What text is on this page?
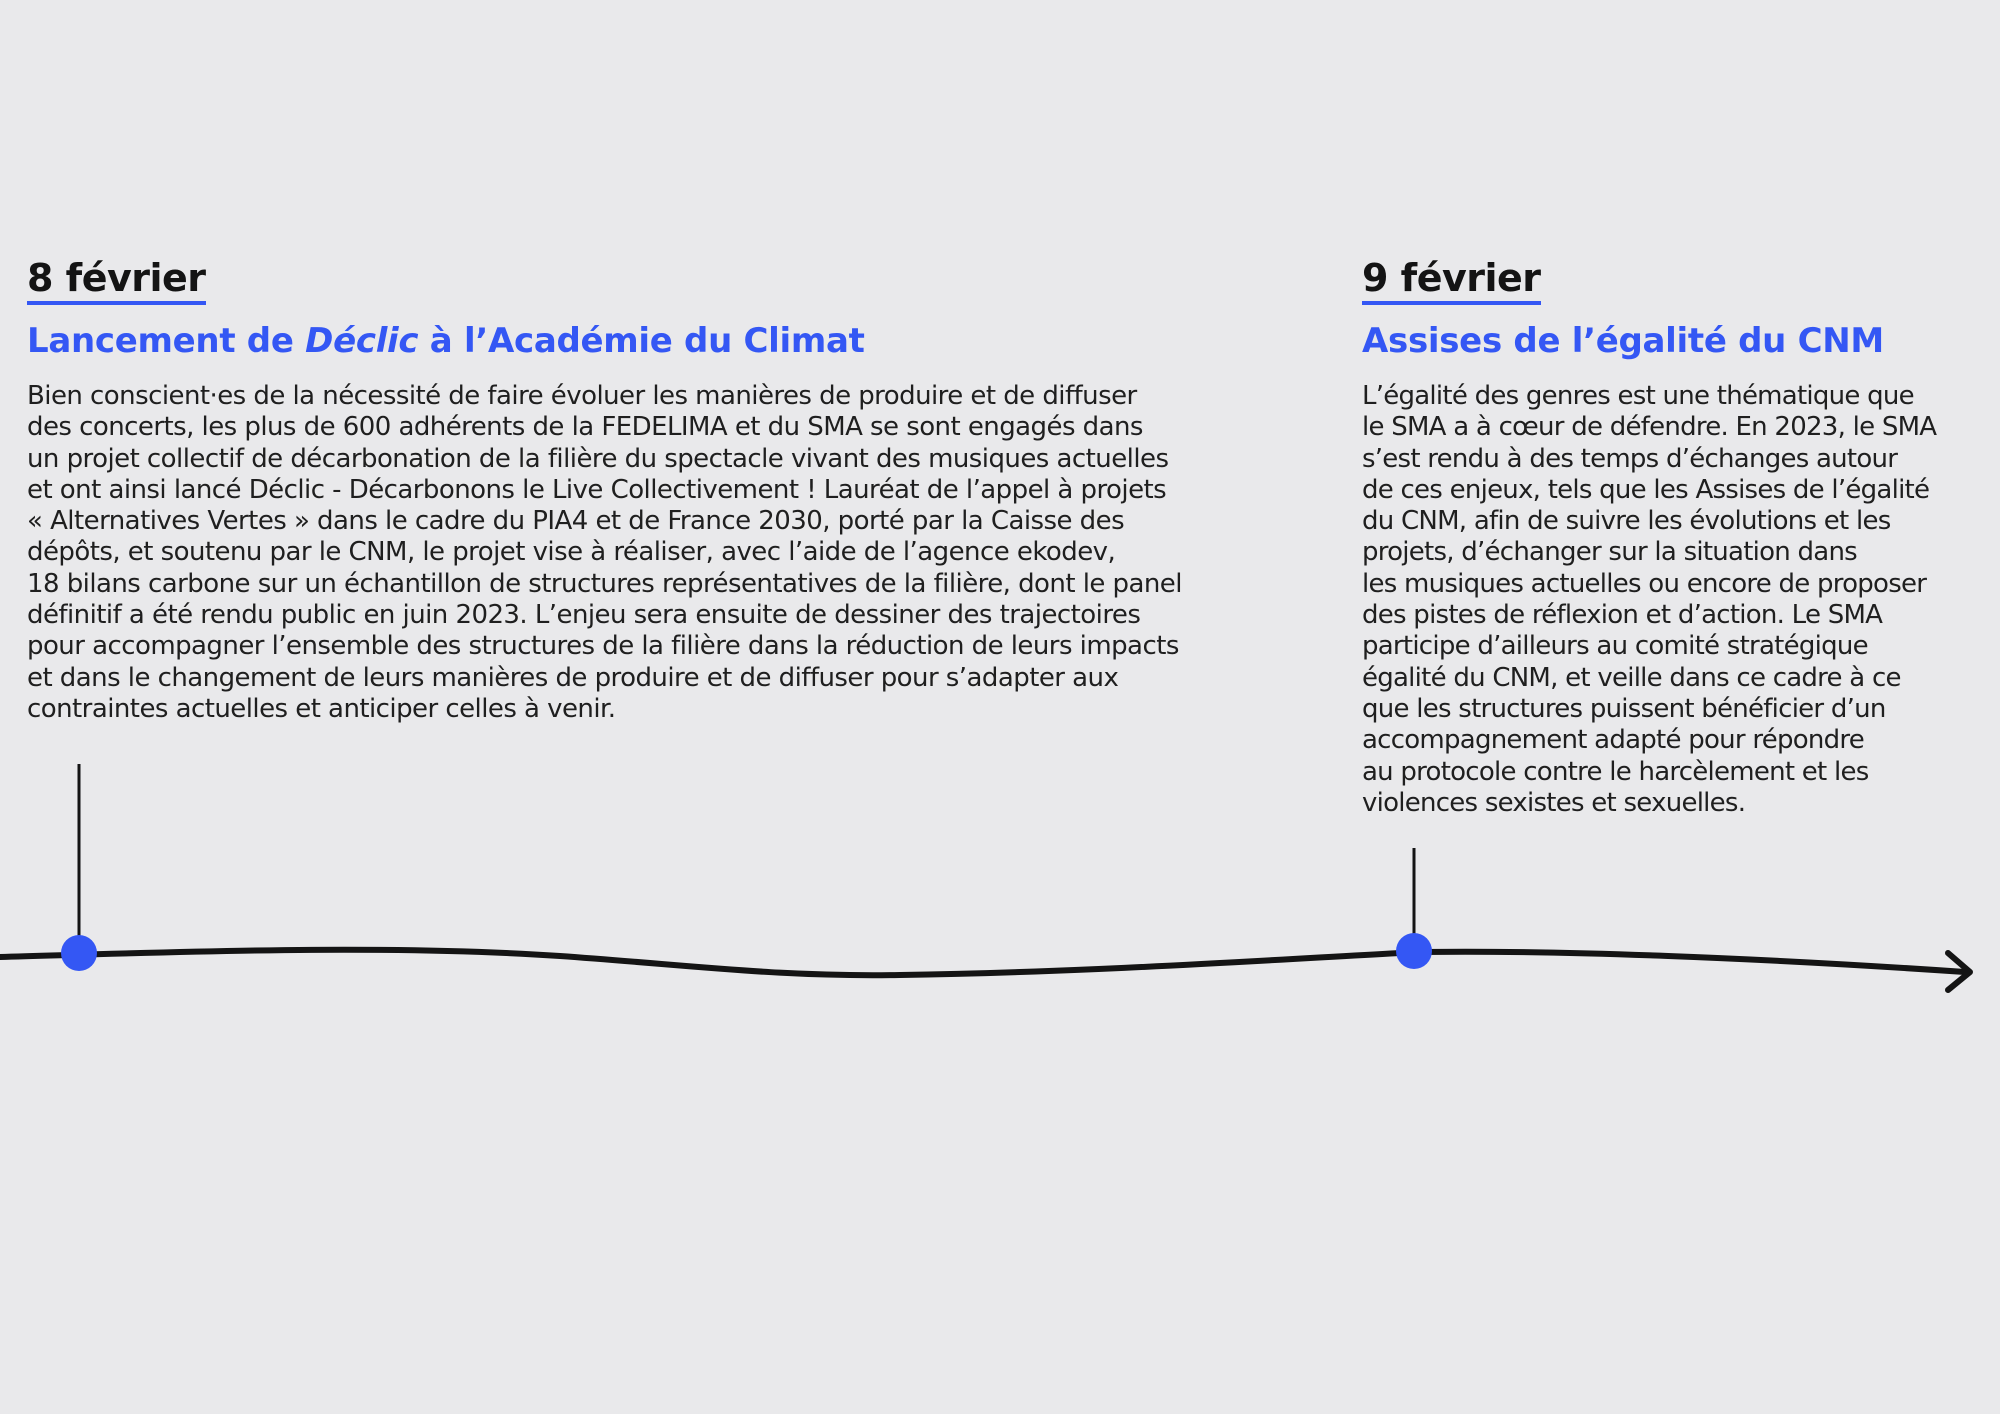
8 février
Lancement de Déclic à l’Académie du Climat
Bien conscient·es de la nécessité de faire évoluer les manières de produire et de diffuser
des concerts, les plus de 600 adhérents de la FEDELIMA et du SMA se sont engagés dans
un projet collectif de décarbonation de la filière du spectacle vivant des musiques actuelles
et ont ainsi lancé Déclic - Décarbonons le Live Collectivement ! Lauréat de l’appel à projets
« Alternatives Vertes » dans le cadre du PIA4 et de France 2030, porté par la Caisse des
dépôts, et soutenu par le CNM, le projet vise à réaliser, avec l’aide de l’agence ekodev,
18 bilans carbone sur un échantillon de structures représentatives de la filière, dont le panel
définitif a été rendu public en juin 2023. L’enjeu sera ensuite de dessiner des trajectoires
pour accompagner l’ensemble des structures de la filière dans la réduction de leurs impacts
et dans le changement de leurs manières de produire et de diffuser pour s’adapter aux
contraintes actuelles et anticiper celles à venir.
9 février
Assises de l’égalité du CNM
L’égalité des genres est une thématique que
le SMA a à cœur de défendre. En 2023, le SMA
s’est rendu à des temps d’échanges autour
de ces enjeux, tels que les Assises de l’égalité
du CNM, afin de suivre les évolutions et les
projets, d’échanger sur la situation dans
les musiques actuelles ou encore de proposer
des pistes de réflexion et d’action. Le SMA
participe d’ailleurs au comité stratégique
égalité du CNM, et veille dans ce cadre à ce
que les structures puissent bénéficier d’un
accompagnement adapté pour répondre
au protocole contre le harcèlement et les
violences sexistes et sexuelles.
